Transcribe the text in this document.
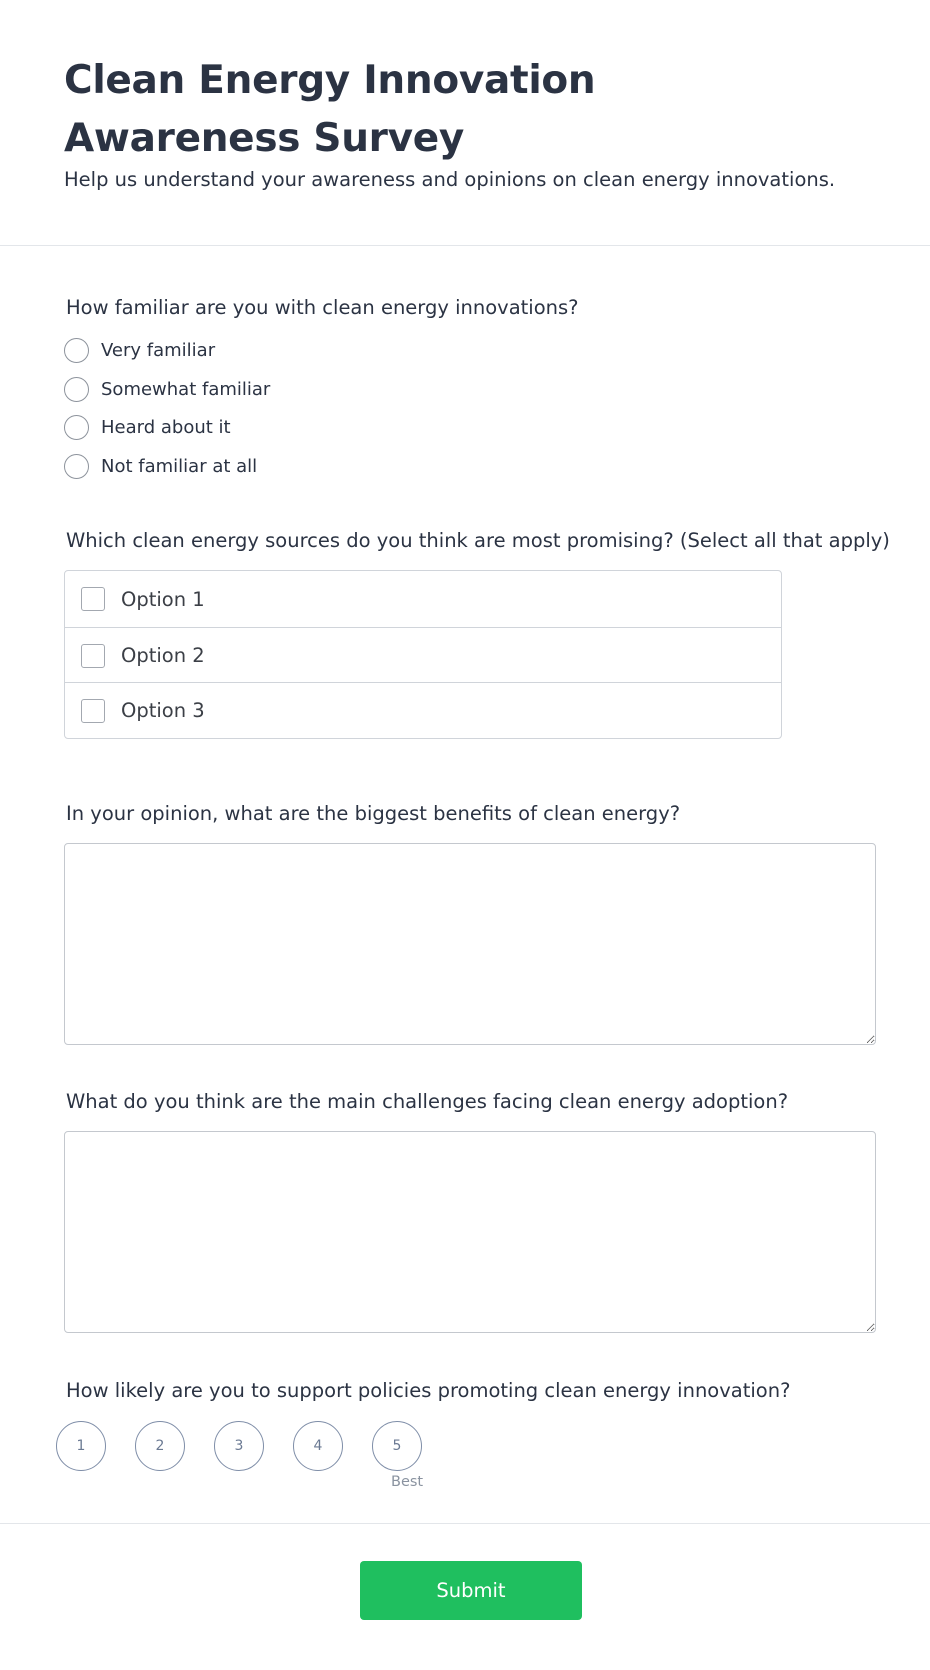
Clean Energy Innovation Awareness Survey

Help us understand your awareness and opinions on clean energy innovations.

How familiar are you with clean energy innovations?
Very familiar
Somewhat familiar
Heard about it
Not familiar at all
Which clean energy sources do you think are most promising? (Select all that apply)
Option 1
Option 2
Option 3
In your opinion, what are the biggest benefits of clean energy?
What do you think are the main challenges facing clean energy adoption?
How likely are you to support policies promoting clean energy innovation?
1	2	3	4	5
Best
Submit
